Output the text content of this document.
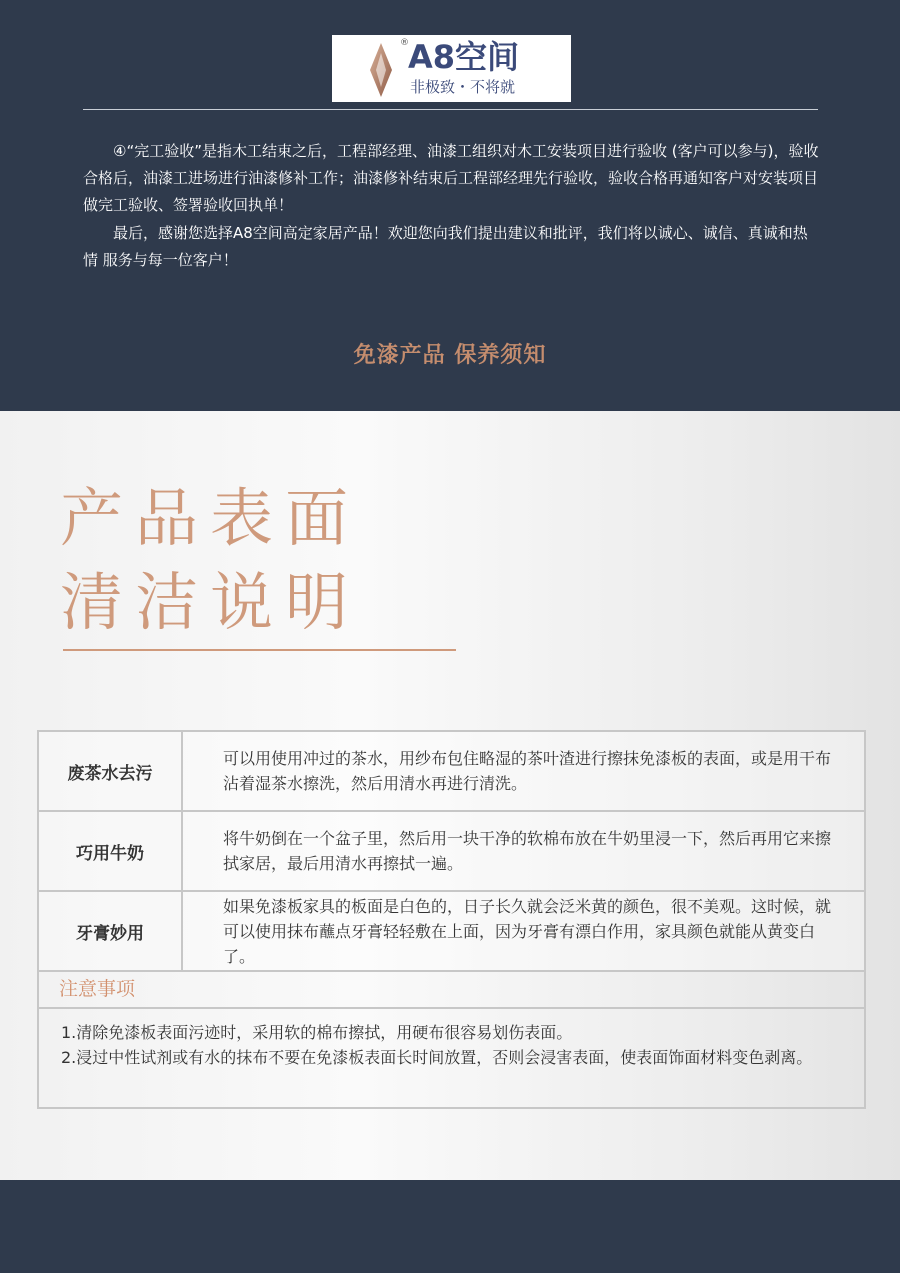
® A8空间
非极致・不将就

④“完工验收”是指木工结束之后，工程部经理、油漆工组织对木工安装项目进行验收 (客户可以参与)，验收合格后，油漆工进场进行油漆修补工作；油漆修补结束后工程部经理先行验收，验收合格再通知客户对安装项目做完工验收、签署验收回执单！

最后，感谢您选择A8空间高定家居产品！欢迎您向我们提出建议和批评，我们将以诚心、诚信、真诚和热情 服务与每一位客户！

免漆产品 保养须知
产品表面
清洁说明
废茶水去污	可以用使用冲过的茶水，用纱布包住略湿的茶叶渣进行擦抹免漆板的表面，或是用干布沾着湿茶水擦洗，然后用清水再进行清洗。
巧用牛奶	将牛奶倒在一个盆子里，然后用一块干净的软棉布放在牛奶里浸一下，然后再用它来擦拭家居，最后用清水再擦拭一遍。
牙膏妙用	如果免漆板家具的板面是白色的，日子长久就会泛米黄的颜色，很不美观。这时候，就可以使用抹布蘸点牙膏轻轻敷在上面，因为牙膏有漂白作用，家具颜色就能从黄变白了。
注意事项
1.清除免漆板表面污迹时，采用软的棉布擦拭，用硬布很容易划伤表面。
2.浸过中性试剂或有水的抹布不要在免漆板表面长时间放置，否则会浸害表面，使表面饰面材料变色剥离。
